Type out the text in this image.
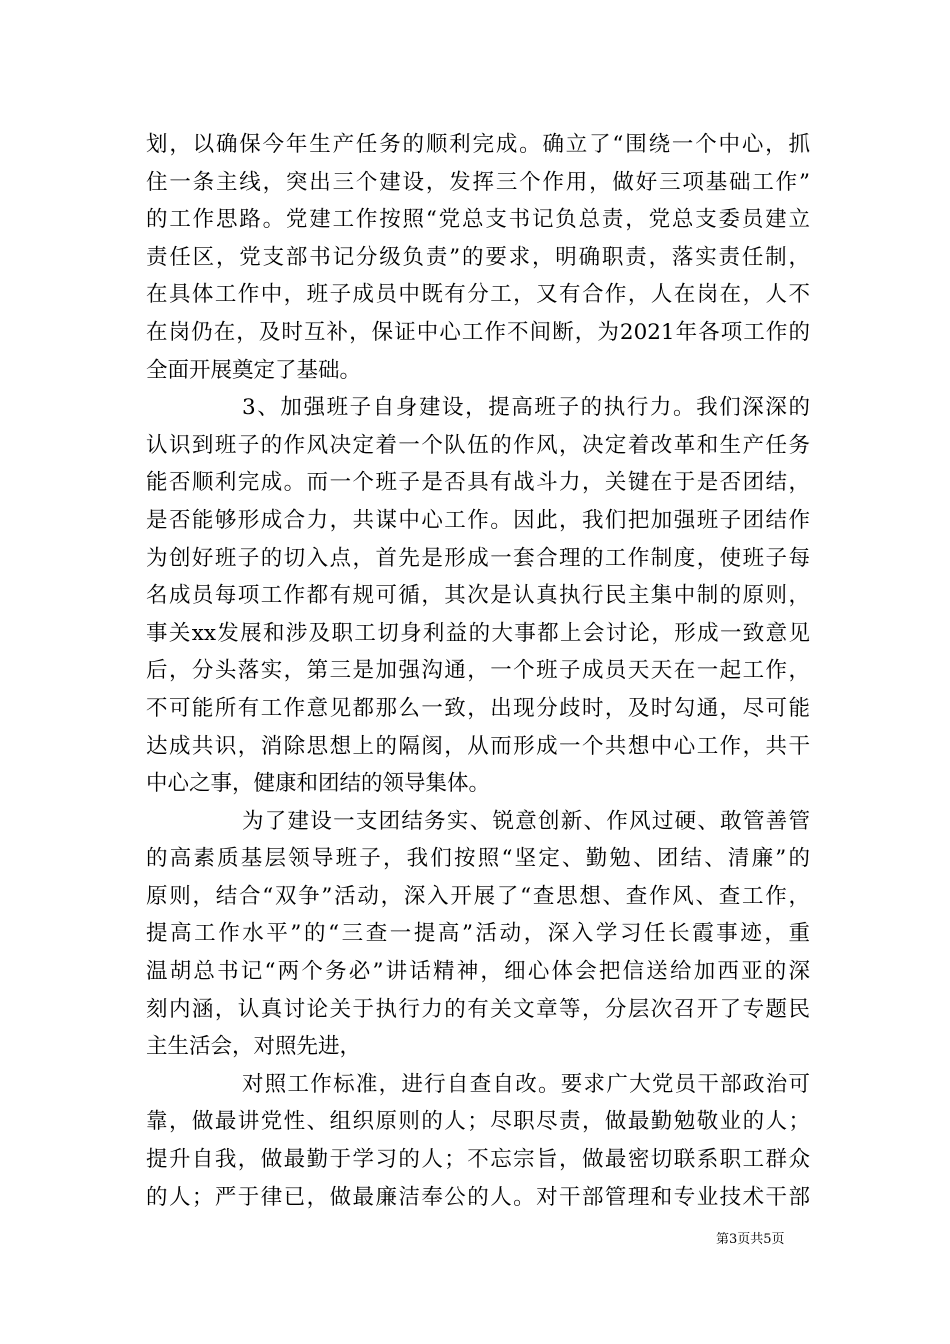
划，以确保今年生产任务的顺利完成。确立了“围绕一个中心，抓
住一条主线，突出三个建设，发挥三个作用，做好三项基础工作”
的工作思路。党建工作按照“党总支书记负总责，党总支委员建立
责任区，党支部书记分级负责”的要求，明确职责，落实责任制，
在具体工作中，班子成员中既有分工，又有合作，人在岗在，人不
在岗仍在，及时互补，保证中心工作不间断，为2021年各项工作的
全面开展奠定了基础。
3、加强班子自身建设，提高班子的执行力。我们深深的
认识到班子的作风决定着一个队伍的作风，决定着改革和生产任务
能否顺利完成。而一个班子是否具有战斗力，关键在于是否团结，
是否能够形成合力，共谋中心工作。因此，我们把加强班子团结作
为创好班子的切入点，首先是形成一套合理的工作制度，使班子每
名成员每项工作都有规可循，其次是认真执行民主集中制的原则，
事关xx发展和涉及职工切身利益的大事都上会讨论，形成一致意见
后，分头落实，第三是加强沟通，一个班子成员天天在一起工作，
不可能所有工作意见都那么一致，出现分歧时，及时勾通，尽可能
达成共识，消除思想上的隔阂，从而形成一个共想中心工作，共干
中心之事，健康和团结的领导集体。
为了建设一支团结务实、锐意创新、作风过硬、敢管善管
的高素质基层领导班子，我们按照“坚定、勤勉、团结、清廉”的
原则，结合“双争”活动，深入开展了“查思想、查作风、查工作，
提高工作水平”的“三查一提高”活动，深入学习任长霞事迹，重
温胡总书记“两个务必”讲话精神，细心体会把信送给加西亚的深
刻内涵，认真讨论关于执行力的有关文章等，分层次召开了专题民
主生活会，对照先进，
对照工作标准，进行自查自改。要求广大党员干部政治可
靠，做最讲党性、组织原则的人；尽职尽责，做最勤勉敬业的人；
提升自我，做最勤于学习的人；不忘宗旨，做最密切联系职工群众
的人；严于律已，做最廉洁奉公的人。对干部管理和专业技术干部
第3页共5页
